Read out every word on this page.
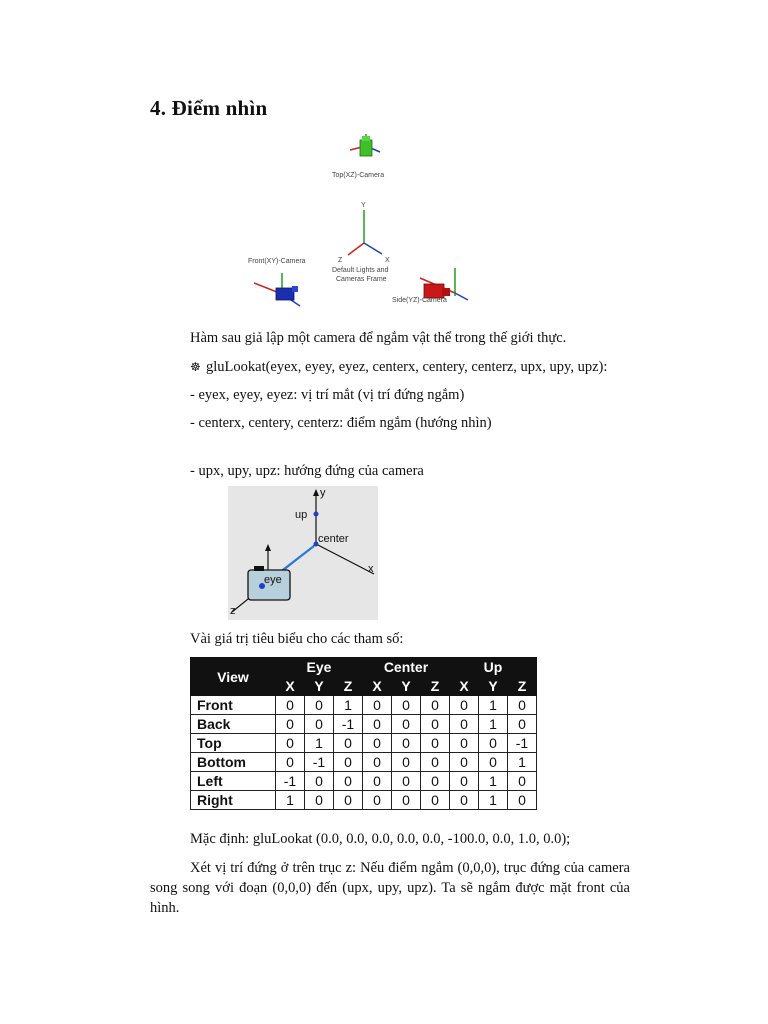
4. Điểm nhìn
Top(XZ)-Camera
Y
Z	X
Default Lights and
Cameras Frame
Front(XY)-Camera
Side(YZ)-Camera

Hàm sau giả lập một camera để ngắm vật thể trong thế giới thực.

☸ gluLookat(eyex, eyey, eyez, centerx, centery, centerz, upx, upy, upz):

- eyex, eyey, eyez: vị trí mắt (vị trí đứng ngắm)

- centerx, centery, centerz: điểm ngắm (hướng nhìn)

- upx, upy, upz: hướng đứng của camera

y
up
center
x
eye
z

Vài giá trị tiêu biểu cho các tham số:

View	Eye			Center			Up		
	X	Y	Z	X	Y	Z	X	Y	Z
Front	0	0	1	0	0	0	0	1	0
Back	0	0	-1	0	0	0	0	1	0
Top	0	1	0	0	0	0	0	0	-1
Bottom	0	-1	0	0	0	0	0	0	1
Left	-1	0	0	0	0	0	0	1	0
Right	1	0	0	0	0	0	0	1	0

Mặc định: gluLookat (0.0, 0.0, 0.0, 0.0, 0.0, -100.0, 0.0, 1.0, 0.0);

Xét vị trí đứng ở trên trục z: Nếu điểm ngắm (0,0,0), trục đứng của camera song song với đoạn (0,0,0) đến (upx, upy, upz). Ta sẽ ngắm được mặt front của hình.
